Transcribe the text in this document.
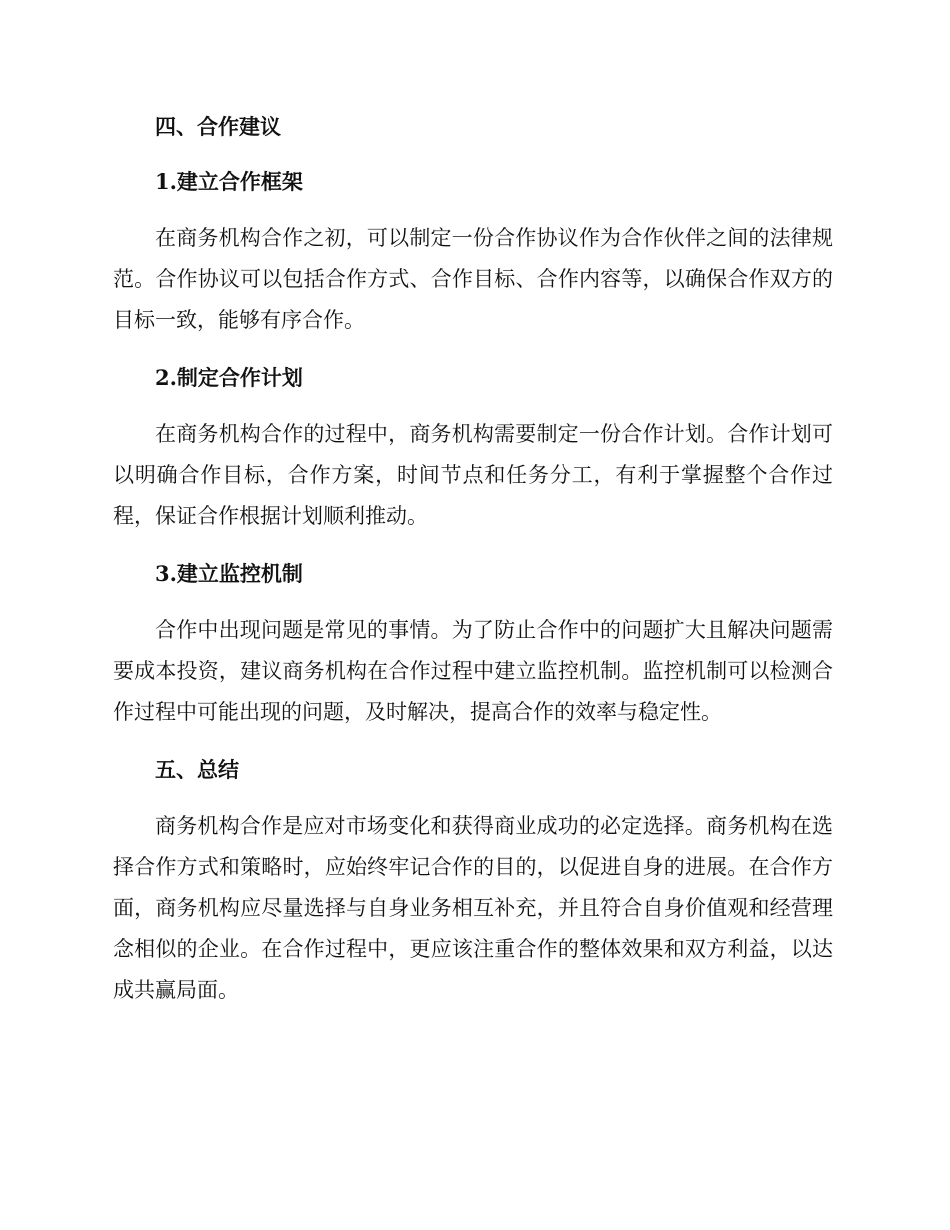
四、合作建议
1.建立合作框架

在商务机构合作之初，可以制定一份合作协议作为合作伙伴之间的法律规范。合作协议可以包括合作方式、合作目标、合作内容等，以确保合作双方的目标一致，能够有序合作。

2.制定合作计划

在商务机构合作的过程中，商务机构需要制定一份合作计划。合作计划可以明确合作目标，合作方案，时间节点和任务分工，有利于掌握整个合作过程，保证合作根据计划顺利推动。

3.建立监控机制

合作中出现问题是常见的事情。为了防止合作中的问题扩大且解决问题需要成本投资，建议商务机构在合作过程中建立监控机制。监控机制可以检测合作过程中可能出现的问题，及时解决，提高合作的效率与稳定性。

五、总结

商务机构合作是应对市场变化和获得商业成功的必定选择。商务机构在选择合作方式和策略时，应始终牢记合作的目的，以促进自身的进展。在合作方面，商务机构应尽量选择与自身业务相互补充，并且符合自身价值观和经营理念相似的企业。在合作过程中，更应该注重合作的整体效果和双方利益，以达成共赢局面。
